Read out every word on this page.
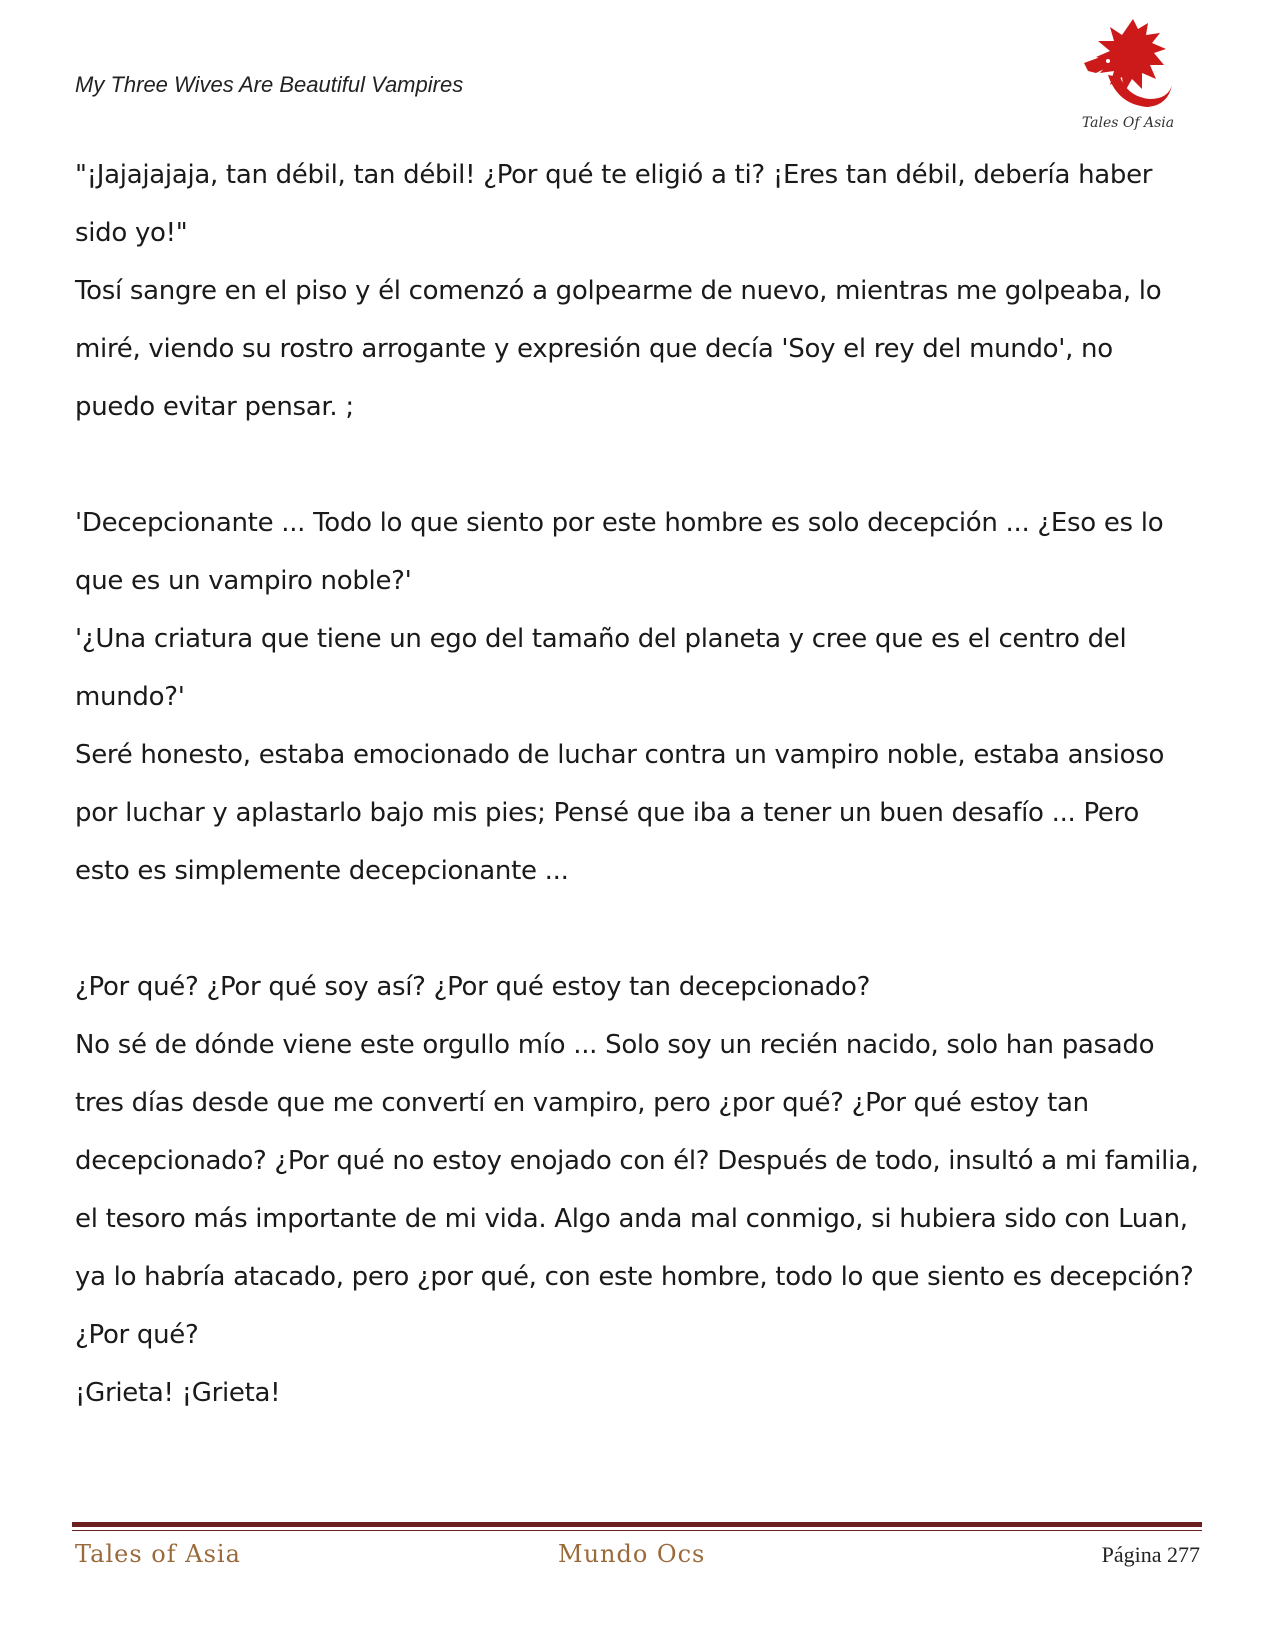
My Three Wives Are Beautiful Vampires
Tales Of Asia

"¡Jajajajaja, tan débil, tan débil! ¿Por qué te eligió a ti? ¡Eres tan débil, debería haber sido yo!"

Tosí sangre en el piso y él comenzó a golpearme de nuevo, mientras me golpeaba, lo miré, viendo su rostro arrogante y expresión que decía 'Soy el rey del mundo', no puedo evitar pensar. ;

'Decepcionante ... Todo lo que siento por este hombre es solo decepción ... ¿Eso es lo que es un vampiro noble?'

'¿Una criatura que tiene un ego del tamaño del planeta y cree que es el centro del mundo?'

Seré honesto, estaba emocionado de luchar contra un vampiro noble, estaba ansioso por luchar y aplastarlo bajo mis pies; Pensé que iba a tener un buen desafío ... Pero esto es simplemente decepcionante ...

¿Por qué? ¿Por qué soy así? ¿Por qué estoy tan decepcionado?

No sé de dónde viene este orgullo mío ... Solo soy un recién nacido, solo han pasado tres días desde que me convertí en vampiro, pero ¿por qué? ¿Por qué estoy tan decepcionado? ¿Por qué no estoy enojado con él? Después de todo, insultó a mi familia, el tesoro más importante de mi vida. Algo anda mal conmigo, si hubiera sido con Luan, ya lo habría atacado, pero ¿por qué, con este hombre, todo lo que siento es decepción?

¿Por qué?

¡Grieta! ¡Grieta!

Tales of Asia	Mundo Ocs	Página 277
